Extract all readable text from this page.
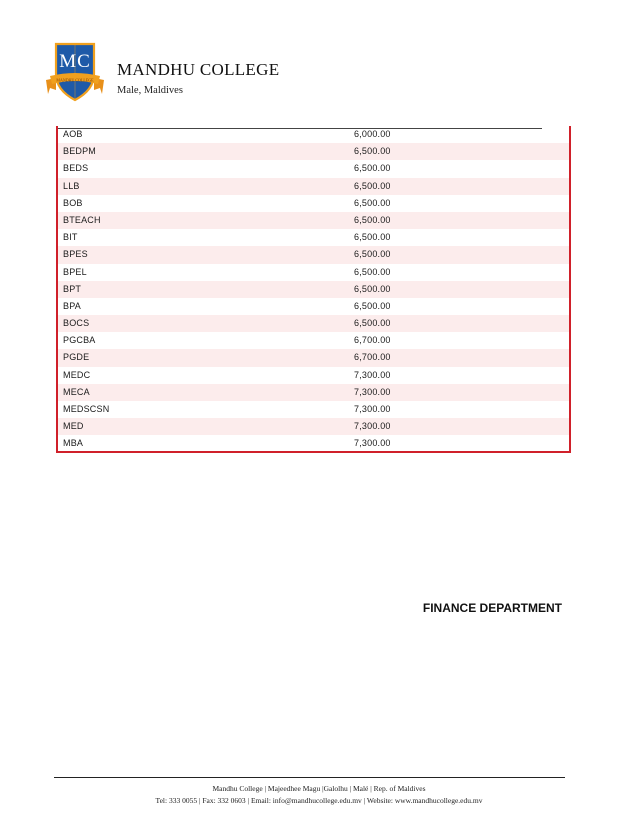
MC
MANDHU COLLEGE
MANDHU COLLEGE
Male, Maldives
AOB	6,000.00
BEDPM	6,500.00
BEDS	6,500.00
LLB	6,500.00
BOB	6,500.00
BTEACH	6,500.00
BIT	6,500.00
BPES	6,500.00
BPEL	6,500.00
BPT	6,500.00
BPA	6,500.00
BOCS	6,500.00
PGCBA	6,700.00
PGDE	6,700.00
MEDC	7,300.00
MECA	7,300.00
MEDSCSN	7,300.00
MED	7,300.00
MBA	7,300.00
FINANCE DEPARTMENT
Mandhu College | Majeedhee Magu |Galolhu | Malé | Rep. of Maldives
Tel: 333 0055 | Fax: 332 0603 | Email: info@mandhucollege.edu.mv | Website: www.mandhucollege.edu.mv
